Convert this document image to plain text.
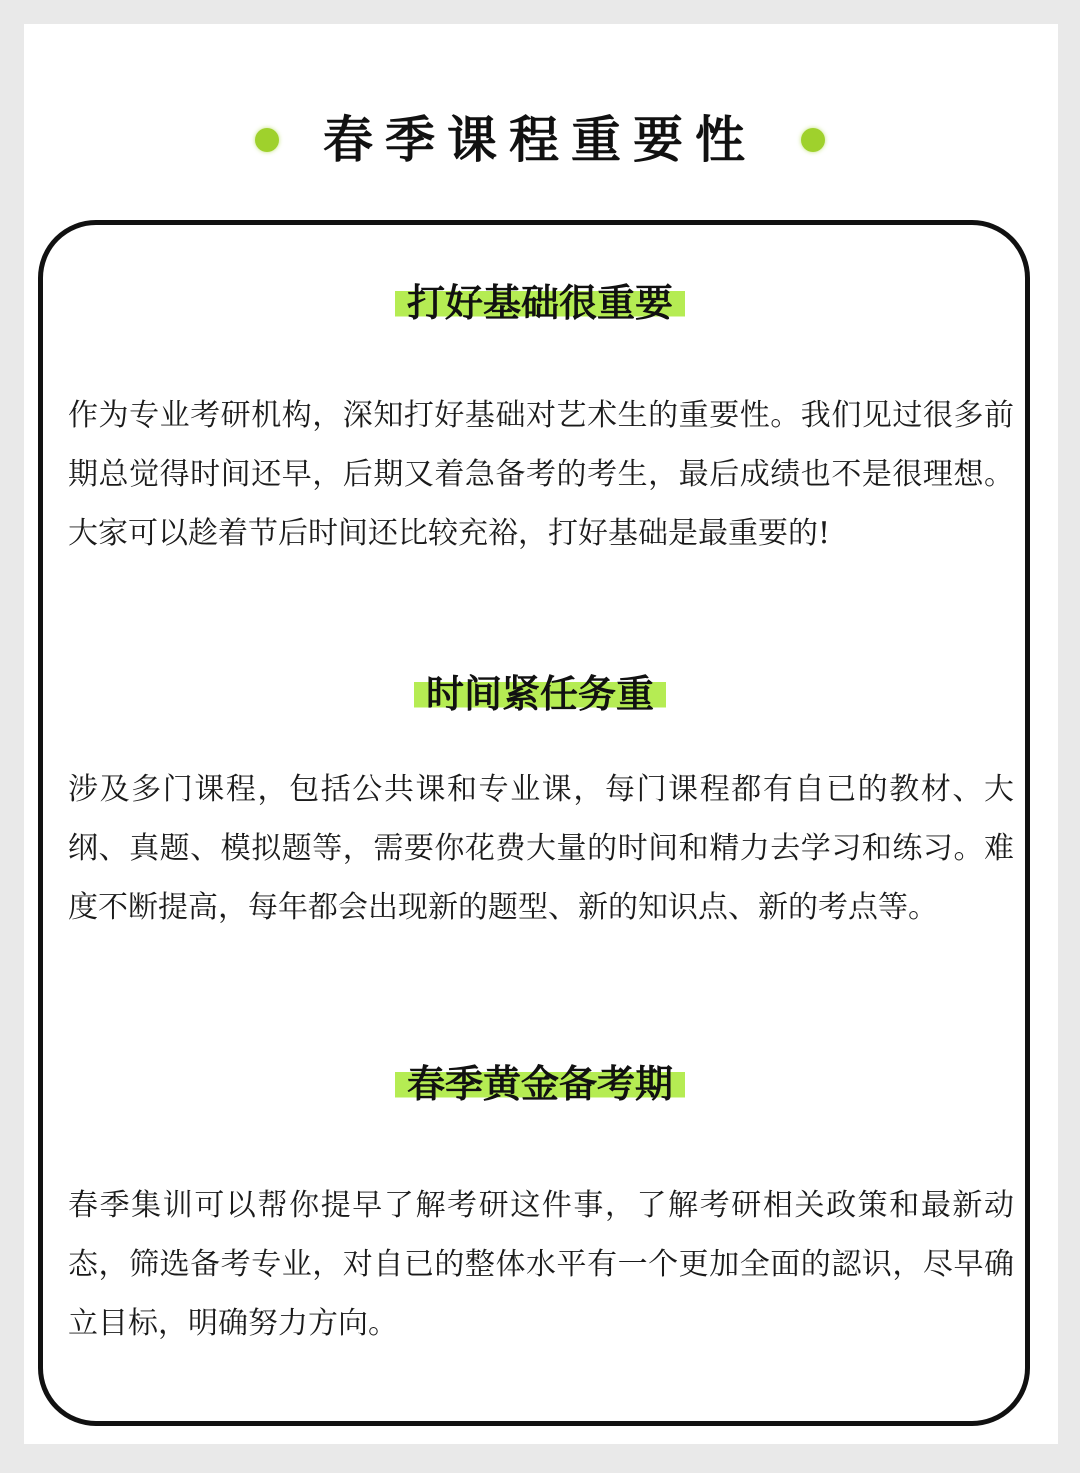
春季课程重要性
打好基础很重要

作为专业考研机构，深知打好基础对艺术生的重要性。我们见过很多前期总觉得时间还早，后期又着急备考的考生，最后成绩也不是很理想。大家可以趁着节后时间还比较充裕，打好基础是最重要的!

时间紧任务重

涉及多门课程，包括公共课和专业课，每门课程都有自已的教材、大纲、真题、模拟题等，需要你花费大量的时间和精力去学习和练习。难度不断提高，每年都会出现新的题型、新的知识点、新的考点等。

春季黄金备考期

春季集训可以帮你提早了解考研这件事，了解考研相关政策和最新动态，筛选备考专业，对自已的整体水平有一个更加全面的認识，尽早确立目标，明确努力方向。
